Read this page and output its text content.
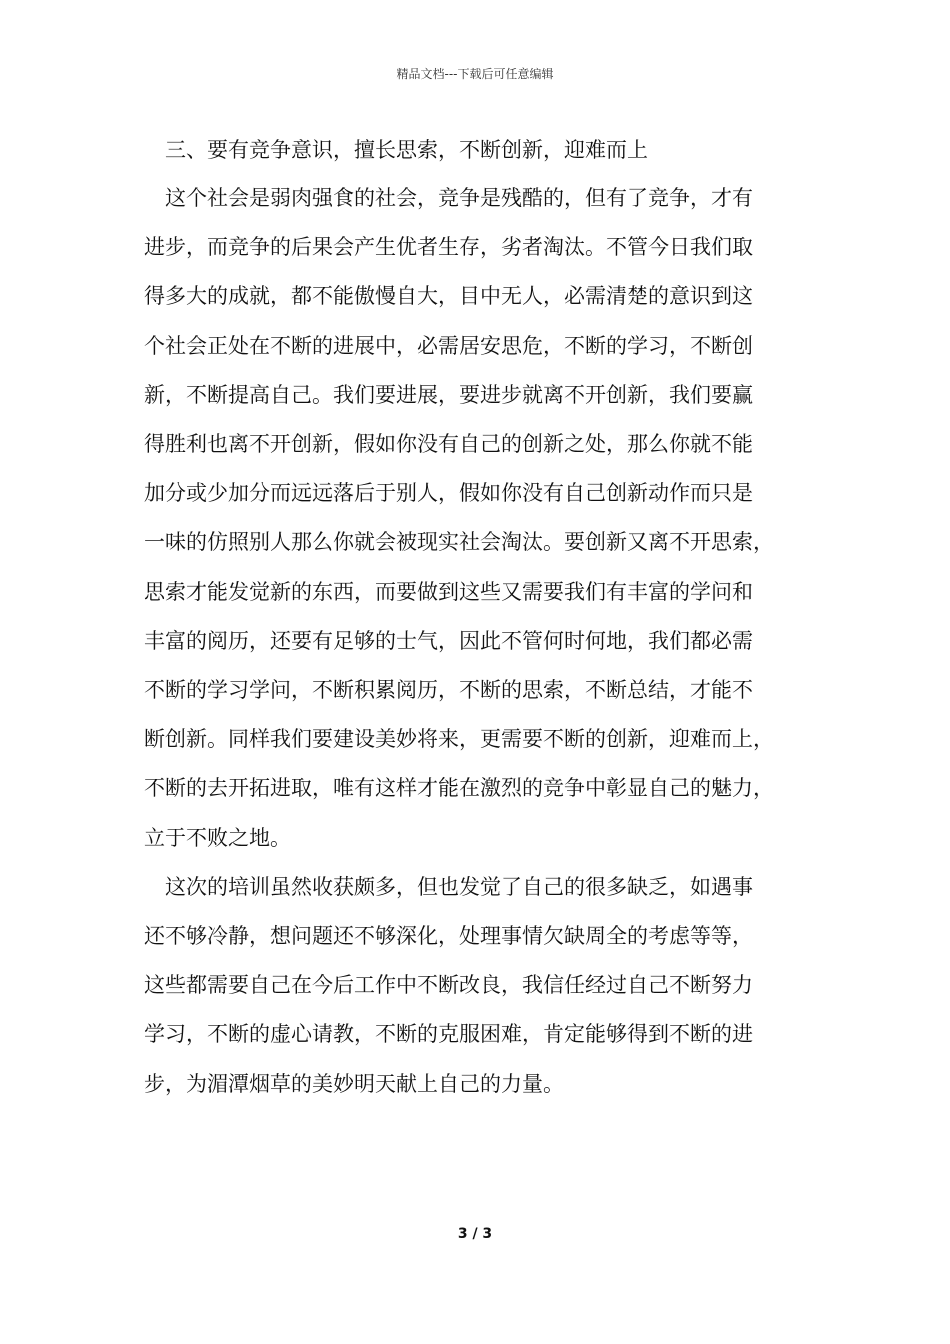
精品文档---下载后可任意编辑
三、要有竞争意识，擅长思索，不断创新，迎难而上
这个社会是弱肉强食的社会，竞争是残酷的，但有了竞争，才有
进步，而竞争的后果会产生优者生存，劣者淘汰。不管今日我们取
得多大的成就，都不能傲慢自大，目中无人，必需清楚的意识到这
个社会正处在不断的进展中，必需居安思危，不断的学习，不断创
新，不断提高自己。我们要进展，要进步就离不开创新，我们要赢
得胜利也离不开创新，假如你没有自己的创新之处，那么你就不能
加分或少加分而远远落后于别人，假如你没有自己创新动作而只是
一味的仿照别人那么你就会被现实社会淘汰。要创新又离不开思索，
思索才能发觉新的东西，而要做到这些又需要我们有丰富的学问和
丰富的阅历，还要有足够的士气，因此不管何时何地，我们都必需
不断的学习学问，不断积累阅历，不断的思索，不断总结，才能不
断创新。同样我们要建设美妙将来，更需要不断的创新，迎难而上，
不断的去开拓进取，唯有这样才能在激烈的竞争中彰显自己的魅力，
立于不败之地。
这次的培训虽然收获颇多，但也发觉了自己的很多缺乏，如遇事
还不够冷静，想问题还不够深化，处理事情欠缺周全的考虑等等，
这些都需要自己在今后工作中不断改良，我信任经过自己不断努力
学习，不断的虚心请教，不断的克服困难，肯定能够得到不断的进
步，为湄潭烟草的美妙明天献上自己的力量。
3 / 3
